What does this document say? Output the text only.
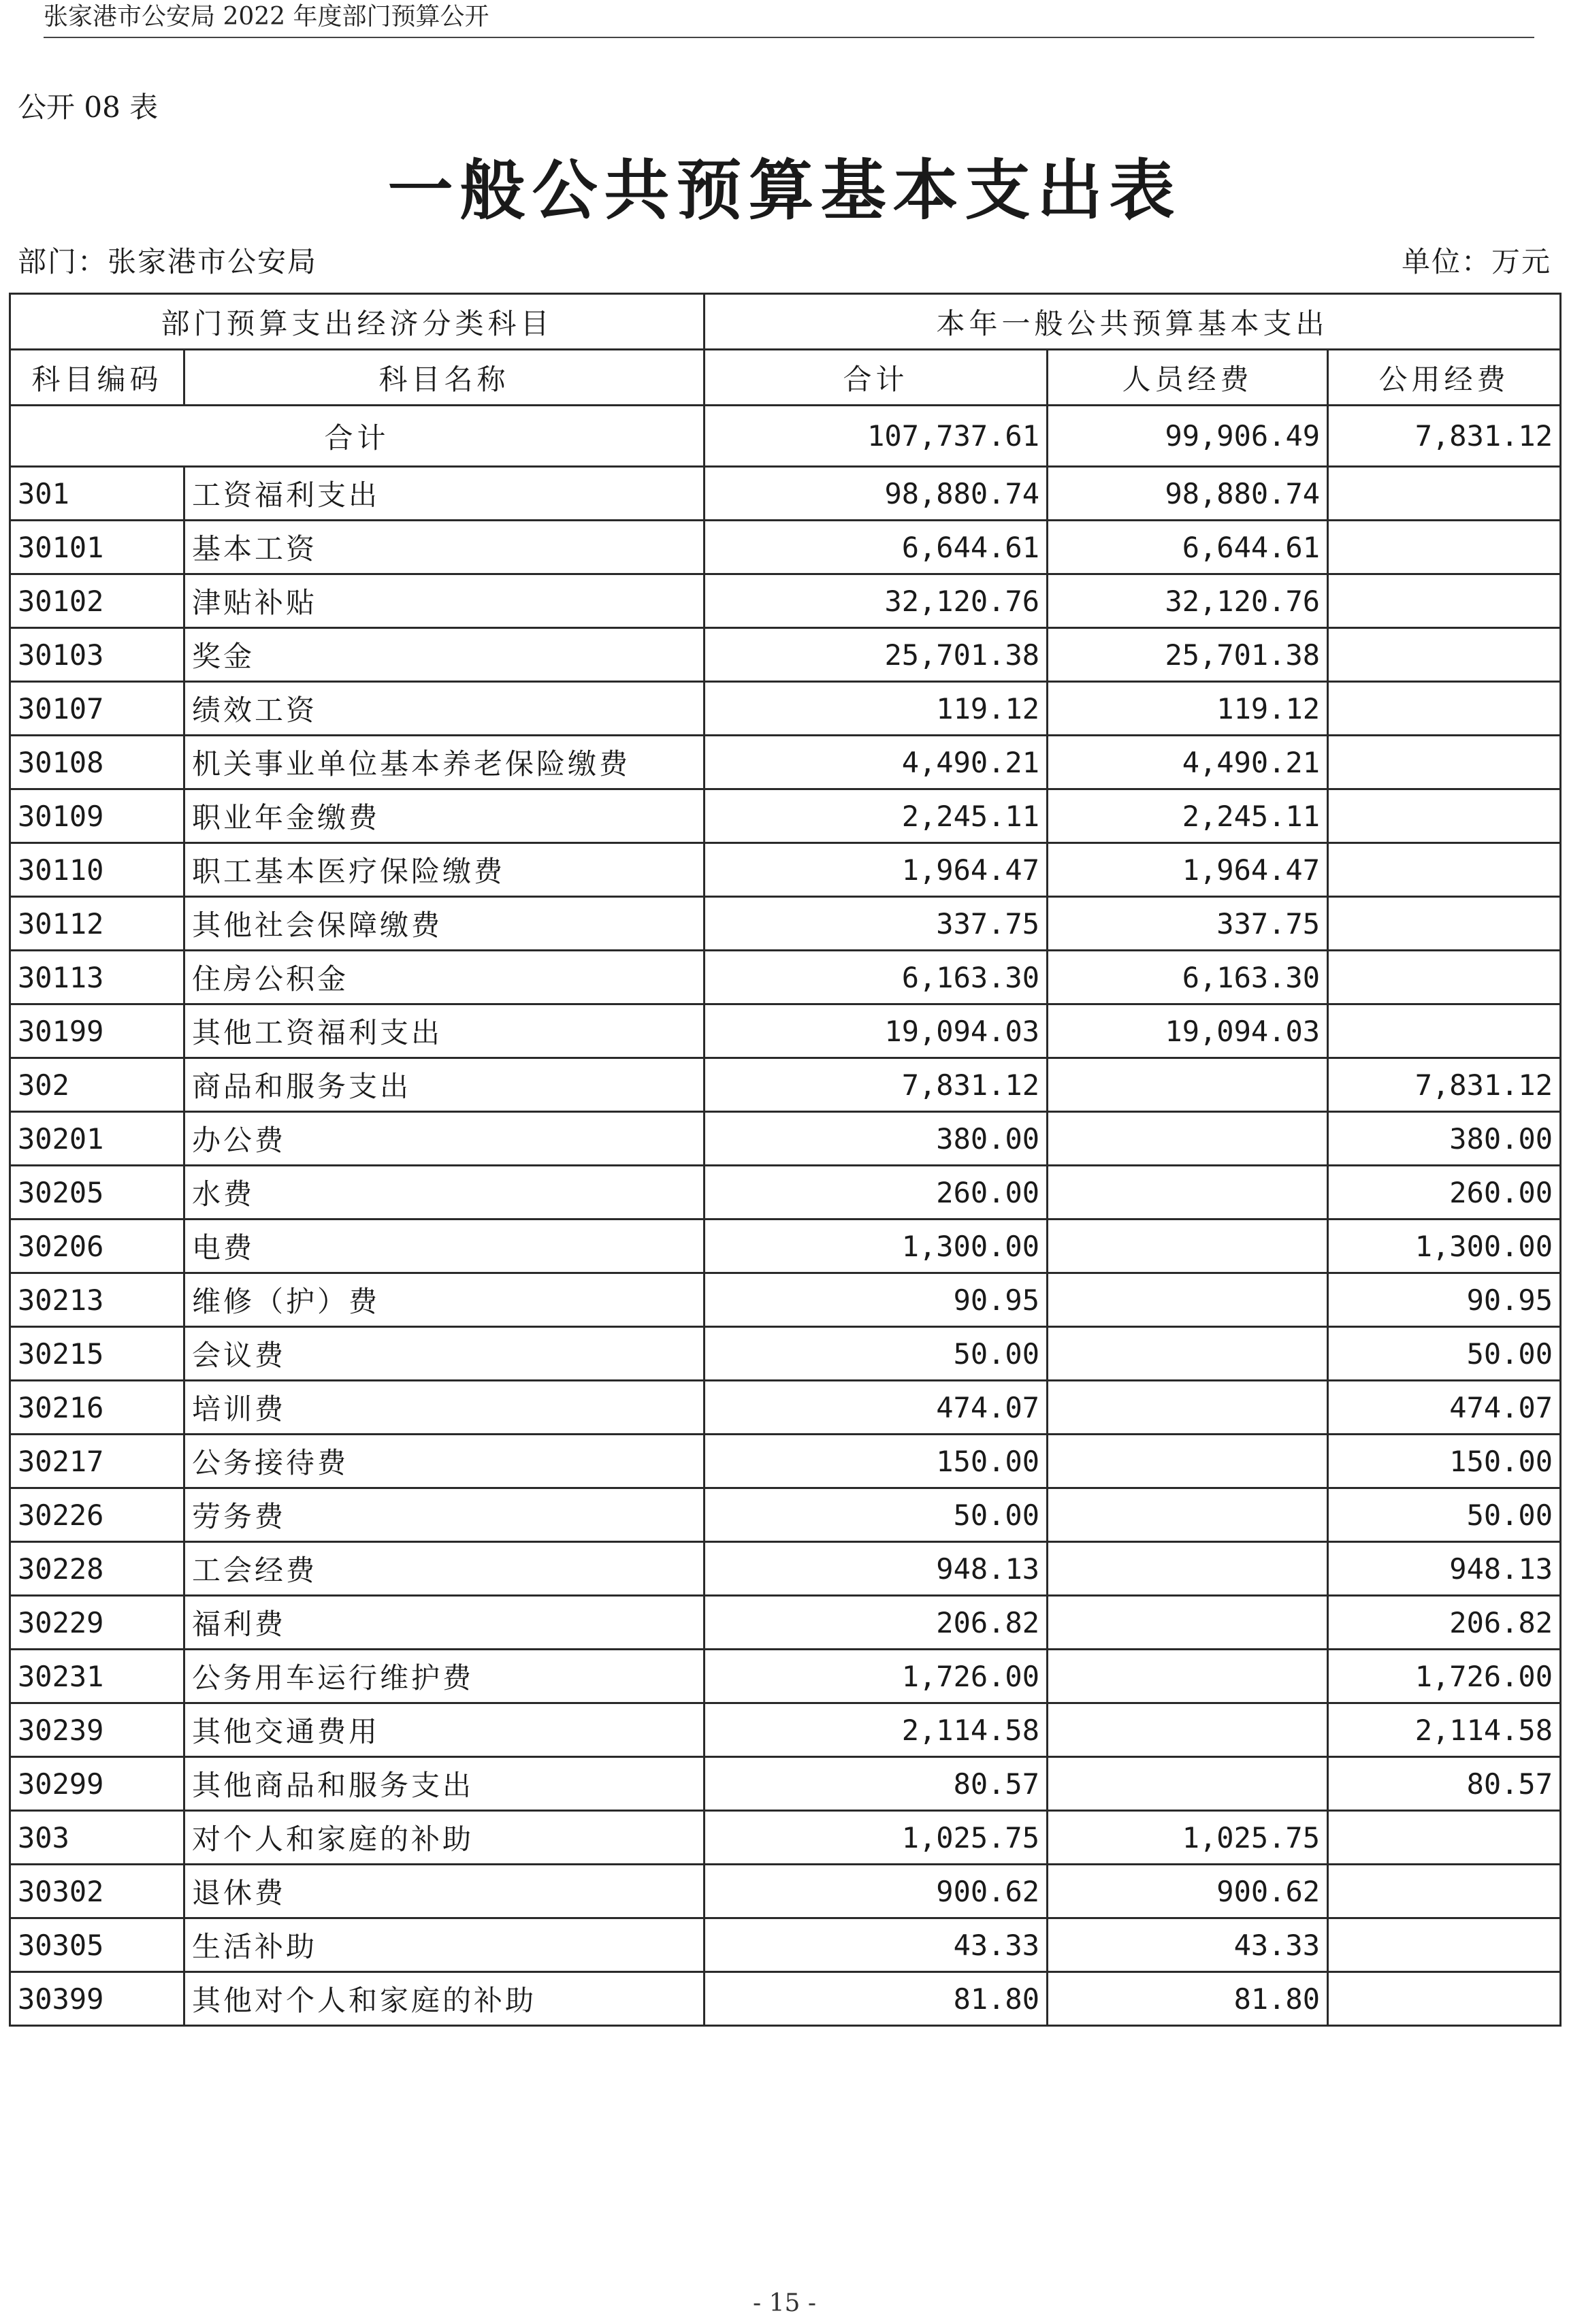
张家港市公安局 2022 年度部门预算公开
公开 08 表
一般公共预算基本支出表
部门：张家港市公安局	单位：万元
部门预算支出经济分类科目		本年一般公共预算基本支出		
科目编码	科目名称	合计	人员经费	公用经费
合计		107,737.61	99,906.49	7,831.12
301	工资福利支出	98,880.74	98,880.74	
30101	基本工资	6,644.61	6,644.61	
30102	津贴补贴	32,120.76	32,120.76	
30103	奖金	25,701.38	25,701.38	
30107	绩效工资	119.12	119.12	
30108	机关事业单位基本养老保险缴费	4,490.21	4,490.21	
30109	职业年金缴费	2,245.11	2,245.11	
30110	职工基本医疗保险缴费	1,964.47	1,964.47	
30112	其他社会保障缴费	337.75	337.75	
30113	住房公积金	6,163.30	6,163.30	
30199	其他工资福利支出	19,094.03	19,094.03	
302	商品和服务支出	7,831.12		7,831.12
30201	办公费	380.00		380.00
30205	水费	260.00		260.00
30206	电费	1,300.00		1,300.00
30213	维修（护）费	90.95		90.95
30215	会议费	50.00		50.00
30216	培训费	474.07		474.07
30217	公务接待费	150.00		150.00
30226	劳务费	50.00		50.00
30228	工会经费	948.13		948.13
30229	福利费	206.82		206.82
30231	公务用车运行维护费	1,726.00		1,726.00
30239	其他交通费用	2,114.58		2,114.58
30299	其他商品和服务支出	80.57		80.57
303	对个人和家庭的补助	1,025.75	1,025.75	
30302	退休费	900.62	900.62	
30305	生活补助	43.33	43.33	
30399	其他对个人和家庭的补助	81.80	81.80	
- 15 -
